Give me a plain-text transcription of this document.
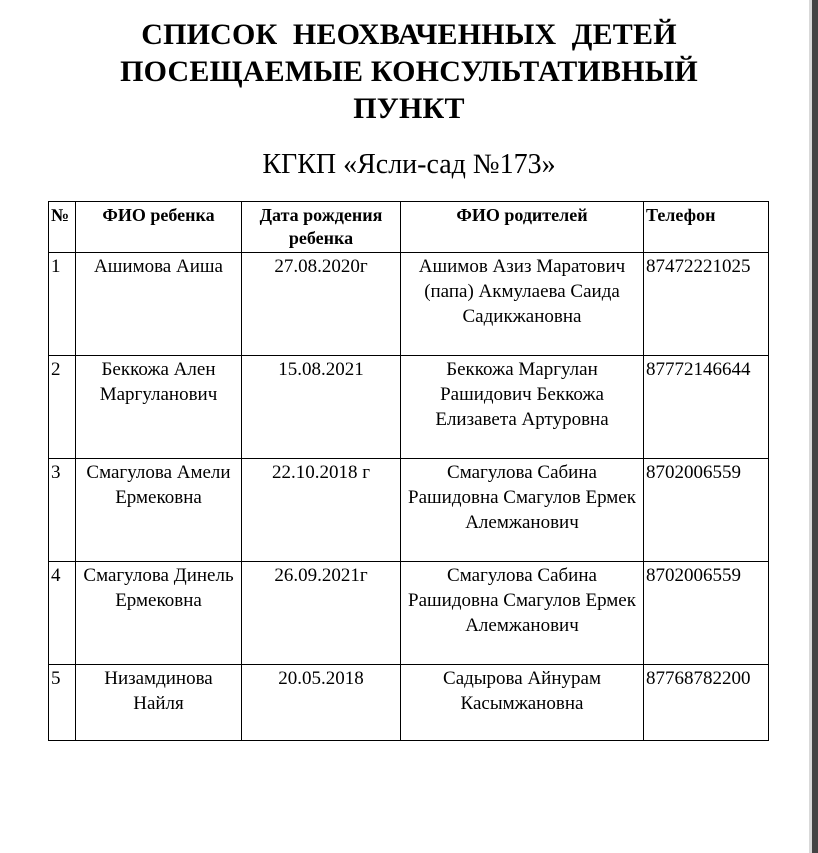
СПИСОК  НЕОХВАЧЕННЫХ  ДЕТЕЙ
ПОСЕЩАЕМЫЕ КОНСУЛЬТАТИВНЫЙ
ПУНКТ
КГКП «Ясли-сад №173»
№	ФИО ребенка	Дата рождения ребенка	ФИО родителей	Телефон
1	Ашимова Аиша	27.08.2020г	Ашимов Азиз Маратович (папа) Акмулаева Саида Садикжановна	87472221025
2	Беккожа Ален Маргуланович	15.08.2021	Беккожа Маргулан Рашидович Беккожа Елизавета Артуровна	87772146644
3	Смагулова Амели Ермековна	22.10.2018 г	Смагулова Сабина Рашидовна Смагулов Ермек Алемжанович	8702006559
4	Смагулова Динель Ермековна	26.09.2021г	Смагулова Сабина Рашидовна Смагулов Ермек Алемжанович	8702006559
5	Низамдинова Найля	20.05.2018	Садырова Айнурам Касымжановна	87768782200
